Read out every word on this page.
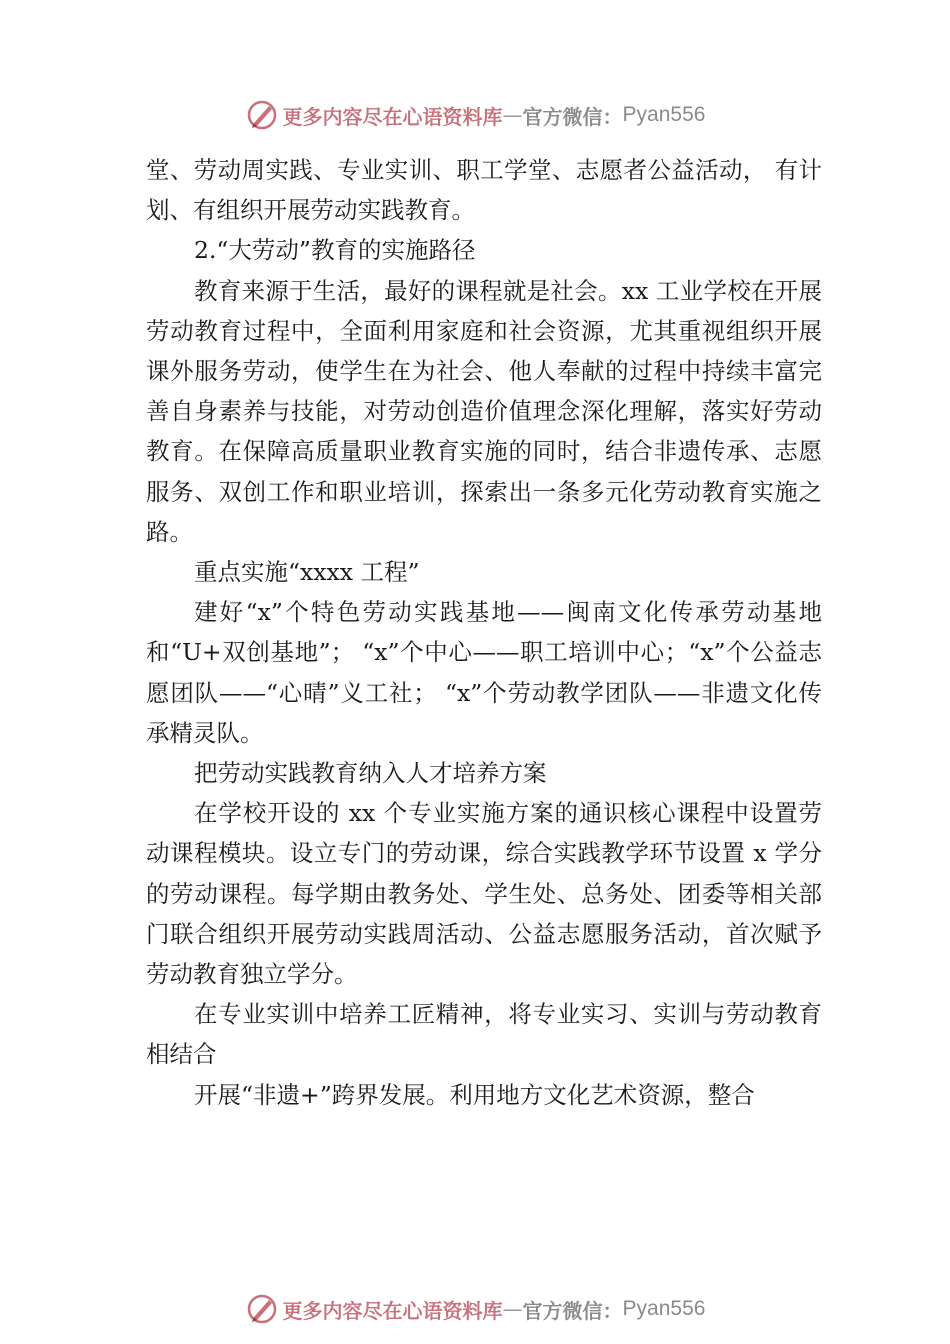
更多内容尽在心语资料库 — 官方微信： Pyan556

堂、劳动周实践、专业实训、职工学堂、志愿者公益活动， 有计划、有组织开展劳动实践教育。

2.“大劳动”教育的实施路径

教育来源于生活，最好的课程就是社会。xx 工业学校在开展劳动教育过程中，全面利用家庭和社会资源，尤其重视组织开展课外服务劳动，使学生在为社会、他人奉献的过程中持续丰富完善自身素养与技能，对劳动创造价值理念深化理解，落实好劳动教育。在保障高质量职业教育实施的同时，结合非遗传承、志愿服务、双创工作和职业培训，探索出一条多元化劳动教育实施之路。

重点实施“xxxx 工程”

建好“x”个特色劳动实践基地——闽南文化传承劳动基地和“U+双创基地”； “x”个中心——职工培训中心；“x”个公益志愿团队——“心晴”义工社； “x”个劳动教学团队——非遗文化传承精灵队。

把劳动实践教育纳入人才培养方案

在学校开设的 xx 个专业实施方案的通识核心课程中设置劳动课程模块。设立专门的劳动课，综合实践教学环节设置 x 学分的劳动课程。每学期由教务处、学生处、总务处、团委等相关部门联合组织开展劳动实践周活动、公益志愿服务活动，首次赋予劳动教育独立学分。

在专业实训中培养工匠精神，将专业实习、实训与劳动教育相结合

开展“非遗+”跨界发展。利用地方文化艺术资源，整合

更多内容尽在心语资料库 — 官方微信： Pyan556
